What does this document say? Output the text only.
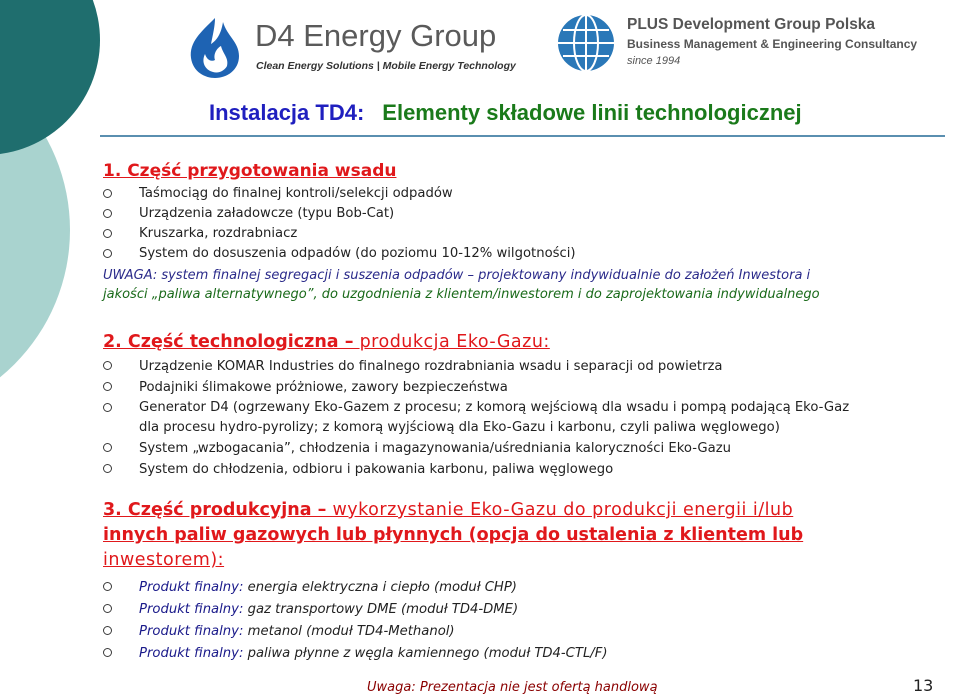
D4 Energy Group
Clean Energy Solutions | Mobile Energy Technology
PLUS Development Group Polska
Business Management & Engineering Consultancy
since 1994
Instalacja TD4: Elementy składowe linii technologicznej
1. Część przygotowania wsadu
Taśmociąg do finalnej kontroli/selekcji odpadów
Urządzenia załadowcze (typu Bob-Cat)
Kruszarka, rozdrabniacz
System do dosuszenia odpadów (do poziomu 10-12% wilgotności)
UWAGA: system finalnej segregacji i suszenia odpadów – projektowany indywidualnie do założeń Inwestora i
jakości „paliwa alternatywnego”, do uzgodnienia z klientem/inwestorem i do zaprojektowania indywidualnego
2. Część technologiczna – produkcja Eko-Gazu:
Urządzenie KOMAR Industries do finalnego rozdrabniania wsadu i separacji od powietrza
Podajniki ślimakowe próżniowe, zawory bezpieczeństwa
Generator D4 (ogrzewany Eko-Gazem z procesu; z komorą wejściową dla wsadu i pompą podającą Eko-Gaz
dla procesu hydro-pyrolizy; z komorą wyjściową dla Eko-Gazu i karbonu, czyli paliwa węglowego)
System „wzbogacania”, chłodzenia i magazynowania/uśredniania kaloryczności Eko-Gazu
System do chłodzenia, odbioru i pakowania karbonu, paliwa węglowego
3. Część produkcyjna – wykorzystanie Eko-Gazu do produkcji energii i/lub
innych paliw gazowych lub płynnych (opcja do ustalenia z klientem lub
inwestorem):
Produkt finalny: energia elektryczna i ciepło (moduł CHP)
Produkt finalny: gaz transportowy DME (moduł TD4-DME)
Produkt finalny: metanol (moduł TD4-Methanol)
Produkt finalny: paliwa płynne z węgla kamiennego (moduł TD4-CTL/F)
Uwaga: Prezentacja nie jest ofertą handlową	13
